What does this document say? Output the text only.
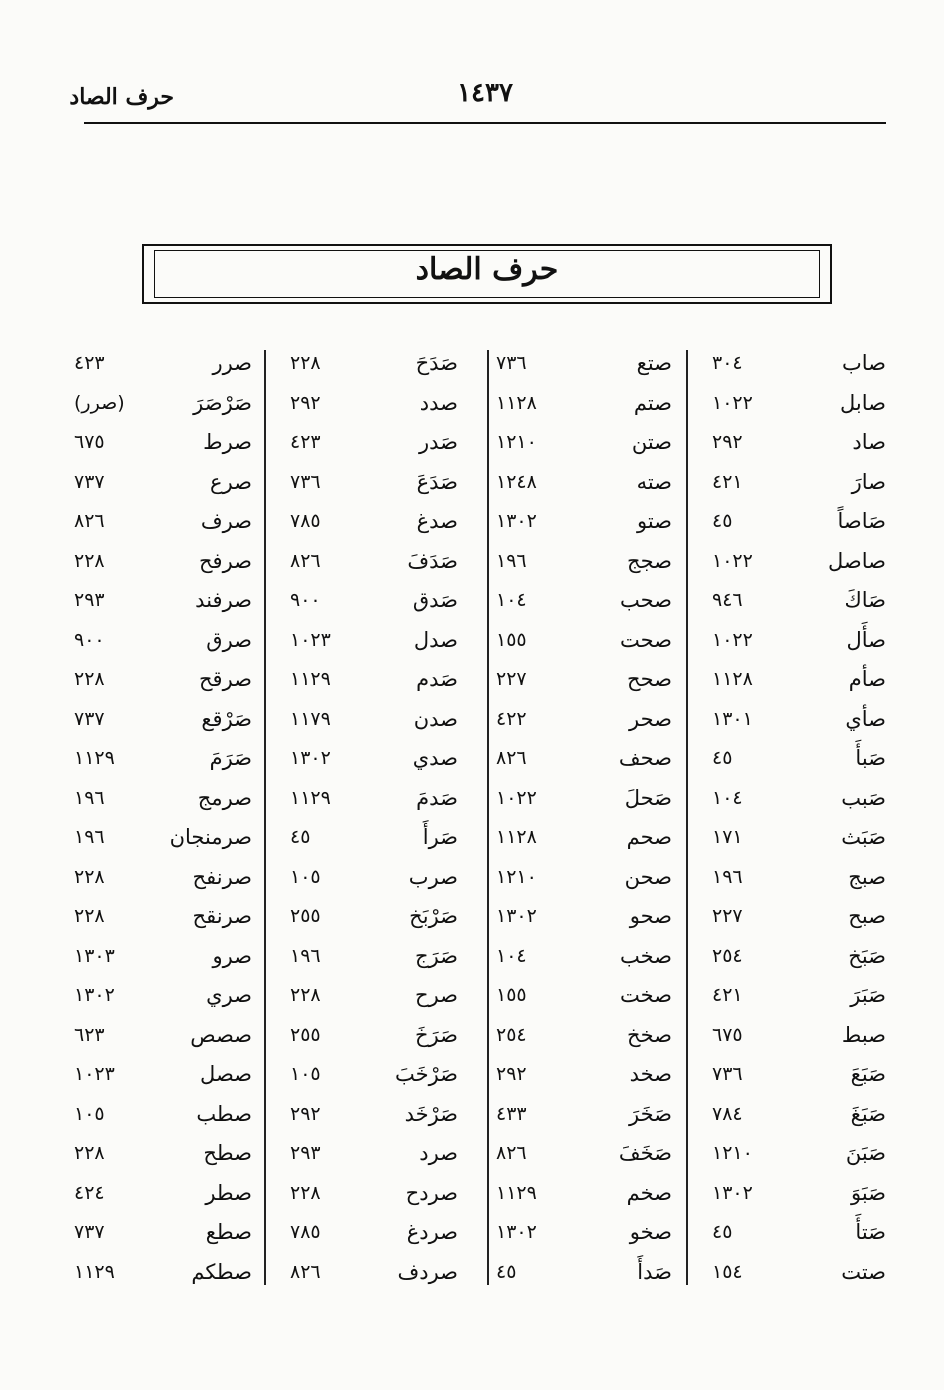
حرف الصاد	١٤٣٧
حرف الصاد
صاب
٣٠٤
صتع
٧٣٦
صَدَحَ
٢٢٨
صرر
٤٢٣
صابل
١٠٢٢
صتم
١١٢٨
صدد
٢٩٢
صَرْصَرَ
(صرر)
صاد
٢٩٢
صتن
١٢١٠
صَدر
٤٢٣
صرط
٦٧٥
صارَ
٤٢١
صته
١٢٤٨
صَدَعَ
٧٣٦
صرع
٧٣٧
صَاصاً
٤٥
صتو
١٣٠٢
صدغ
٧٨٥
صرف
٨٢٦
صاصل
١٠٢٢
صجج
١٩٦
صَدَفَ
٨٢٦
صرفح
٢٢٨
صَاكَ
٩٤٦
صحب
١٠٤
صَدق
٩٠٠
صرفند
٢٩٣
صأَل
١٠٢٢
صحت
١٥٥
صدل
١٠٢٣
صرق
٩٠٠
صأم
١١٢٨
صحح
٢٢٧
صَدم
١١٢٩
صرقح
٢٢٨
صأي
١٣٠١
صحر
٤٢٢
صدن
١١٧٩
صَرْقع
٧٣٧
صَبأَ
٤٥
صحف
٨٢٦
صدي
١٣٠٢
صَرَمَ
١١٢٩
صَبب
١٠٤
صَحلَ
١٠٢٢
صَدمَ
١١٢٩
صرمج
١٩٦
صَبَث
١٧١
صحم
١١٢٨
صَرأَ
٤٥
صرمنجان
١٩٦
صبج
١٩٦
صحن
١٢١٠
صرب
١٠٥
صرنفح
٢٢٨
صبح
٢٢٧
صحو
١٣٠٢
صَرْبَخ
٢٥٥
صرنقح
٢٢٨
صَبَخ
٢٥٤
صخب
١٠٤
صَرَج
١٩٦
صرو
١٣٠٣
صَبَرَ
٤٢١
صخت
١٥٥
صرح
٢٢٨
صري
١٣٠٢
صبط
٦٧٥
صخخ
٢٥٤
صَرَخَ
٢٥٥
صصص
٦٢٣
صَبَعَ
٧٣٦
صخد
٢٩٢
صَرْخَبَ
١٠٥
صصل
١٠٢٣
صَبَغَ
٧٨٤
صَخَرَ
٤٣٣
صَرْخَد
٢٩٢
صطب
١٠٥
صَبَنَ
١٢١٠
صَخَفَ
٨٢٦
صرد
٢٩٣
صطح
٢٢٨
صَبَوَ
١٣٠٢
صخم
١١٢٩
صردح
٢٢٨
صطر
٤٢٤
صَتأَ
٤٥
صخو
١٣٠٢
صردغ
٧٨٥
صطع
٧٣٧
صتت
١٥٤
صَدأَ
٤٥
صردف
٨٢٦
صطكم
١١٢٩
